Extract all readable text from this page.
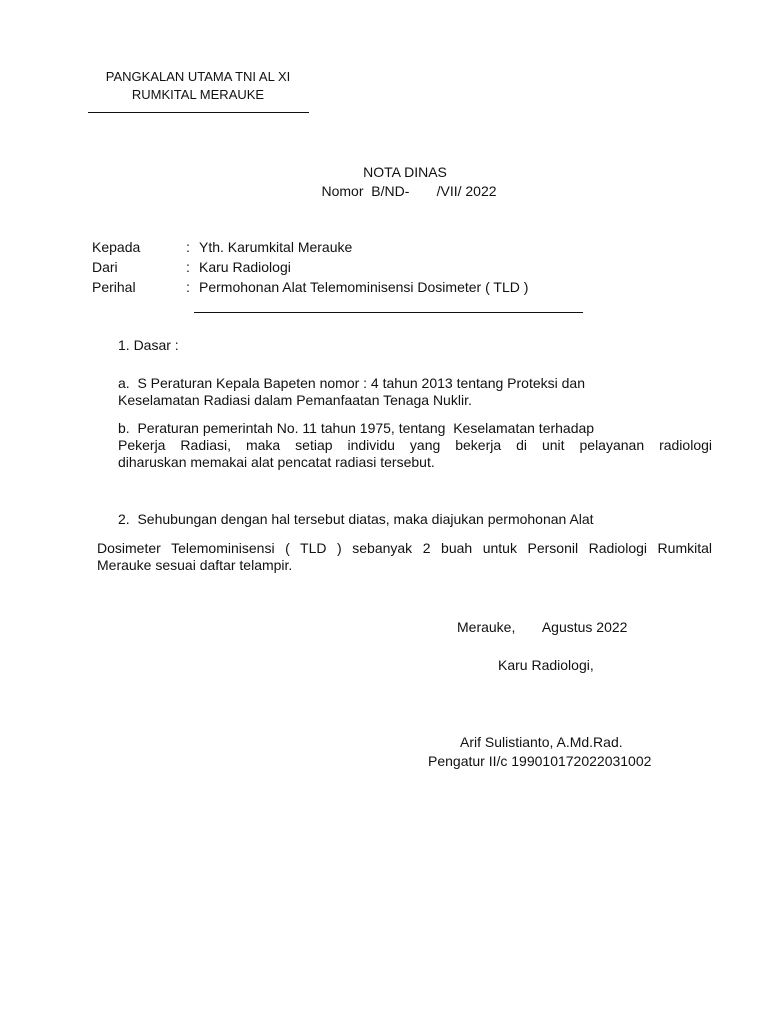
PANGKALAN UTAMA TNI AL XI
RUMKITAL MERAUKE
NOTA DINAS
Nomor  B/ND-       /VII/ 2022
Kepada	: Yth. Karumkital Merauke
Dari	: Karu Radiologi
Perihal	: Permohonan Alat Telemominisensi Dosimeter ( TLD )
1. Dasar :
a.  S Peraturan Kepala Bapeten nomor : 4 tahun 2013 tentang Proteksi dan
Keselamatan Radiasi dalam Pemanfaatan Tenaga Nuklir.
b.  Peraturan pemerintah No. 11 tahun 1975, tentang  Keselamatan terhadap
Pekerja Radiasi, maka setiap individu yang bekerja di unit pelayanan radiologi
diharuskan memakai alat pencatat radiasi tersebut.
2.  Sehubungan dengan hal tersebut diatas, maka diajukan permohonan Alat
Dosimeter Telemominisensi ( TLD ) sebanyak 2 buah untuk Personil Radiologi Rumkital
Merauke sesuai daftar telampir.
Merauke,       Agustus 2022
Karu Radiologi,
Arif Sulistianto, A.Md.Rad.
Pengatur II/c 199010172022031002
